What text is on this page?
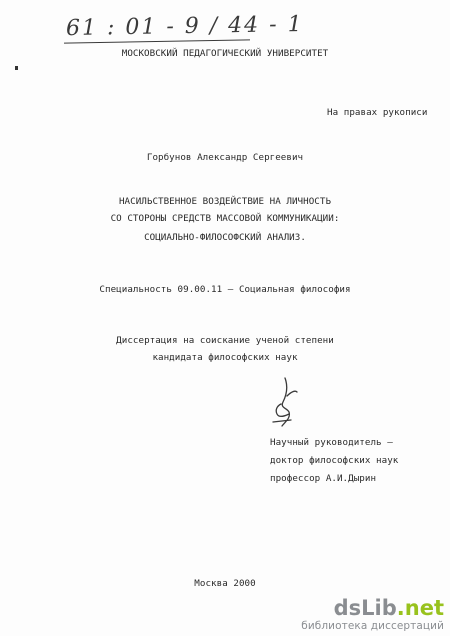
61 : 01 - 9 / 44 - 1
МОСКОВСКИЙ ПЕДАГОГИЧЕСКИЙ УНИВЕРСИТЕТ
На правах рукописи
Горбунов Александр Сергеевич
НАСИЛЬСТВЕННОЕ ВОЗДЕЙСТВИЕ НА ЛИЧНОСТЬ
СО СТОРОНЫ СРЕДСТВ МАССОВОЙ КОММУНИКАЦИИ:
СОЦИАЛЬНО-ФИЛОСОФСКИЙ АНАЛИЗ.
Специальность 09.00.11 — Социальная философия
Диссертация на соискание ученой степени
кандидата философских наук
Научный руководитель —
доктор философских наук
профессор А.И.Дырин
Москва 2000
dsLib.net
библиотека диссертаций
